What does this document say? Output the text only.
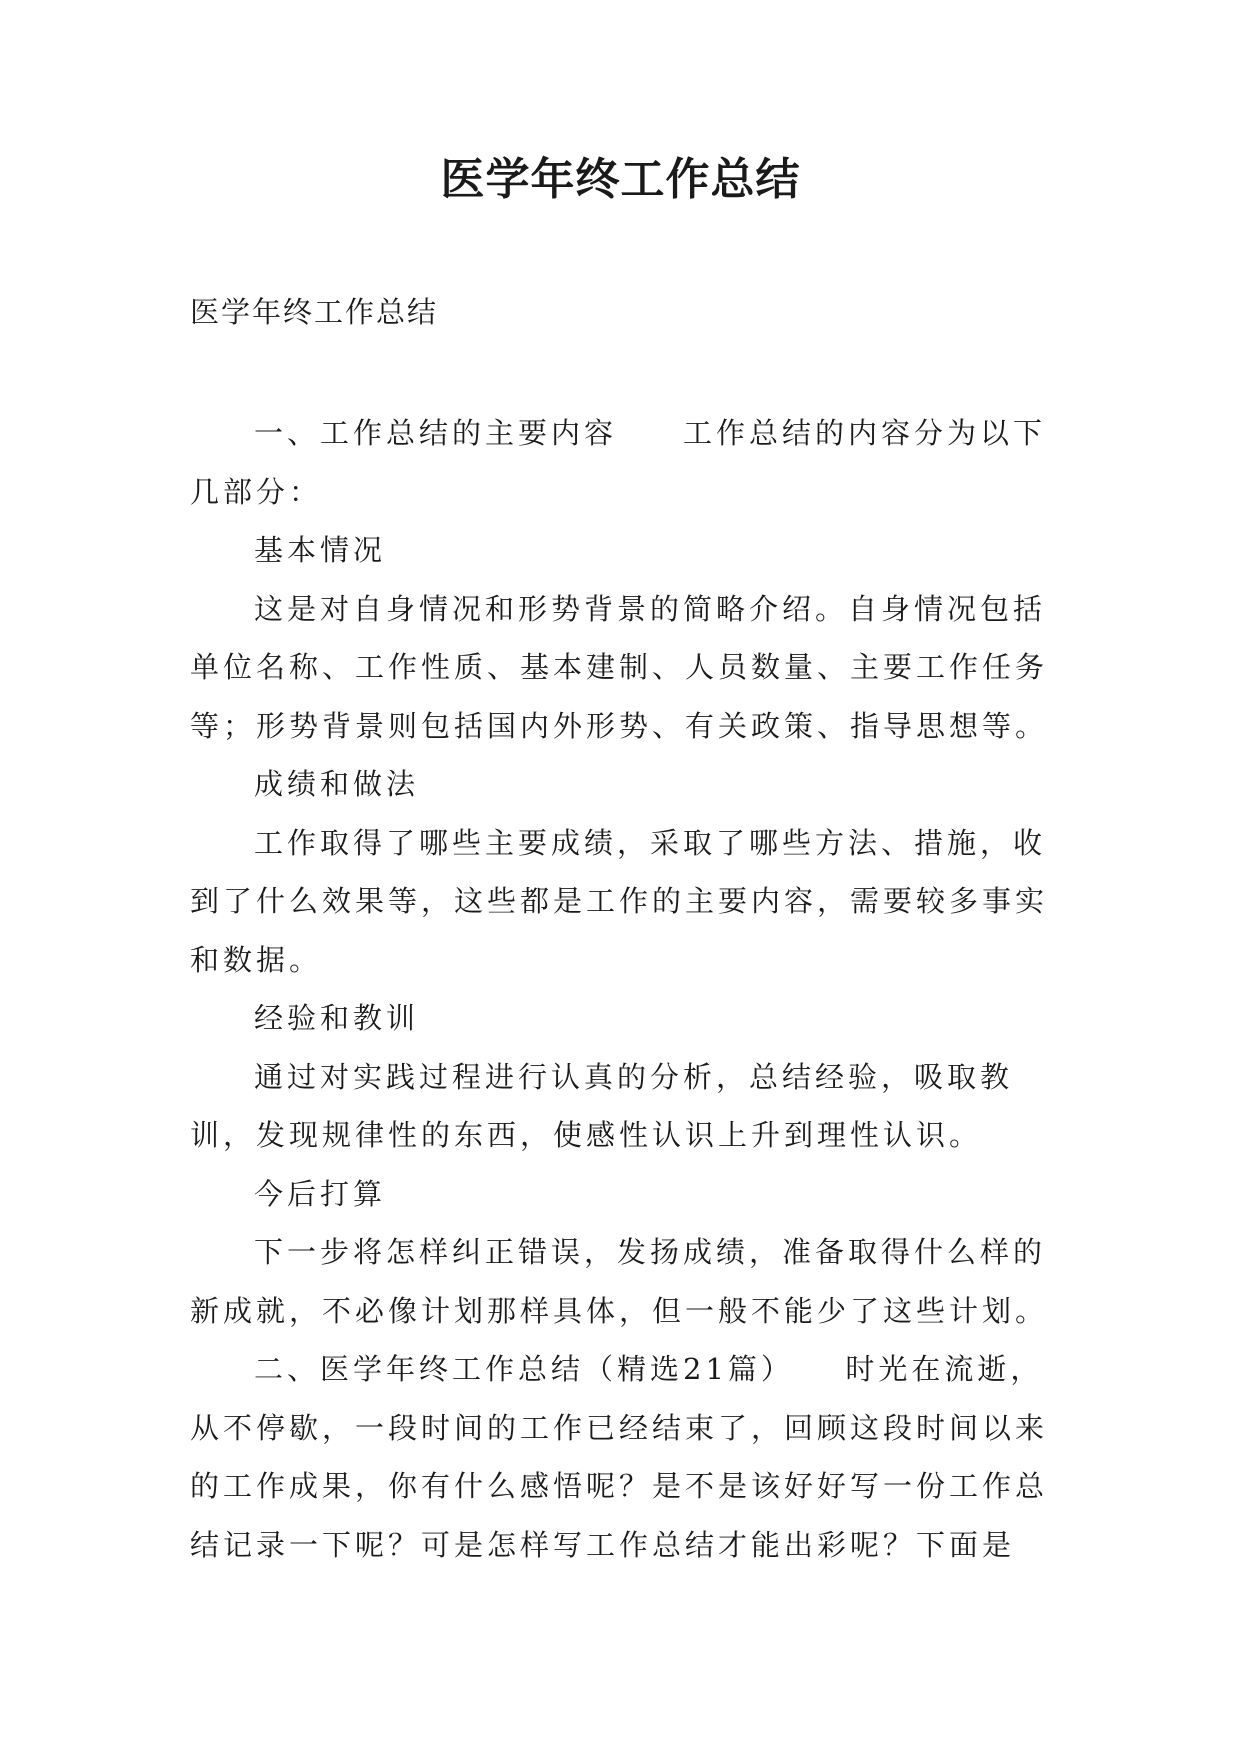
医学年终工作总结
医学年终工作总结

一、工作总结的主要内容　　工作总结的内容分为以下几部分：

基本情况

这是对自身情况和形势背景的简略介绍。自身情况包括单位名称、工作性质、基本建制、人员数量、主要工作任务等；形势背景则包括国内外形势、有关政策、指导思想等。

成绩和做法

工作取得了哪些主要成绩，采取了哪些方法、措施，收到了什么效果等，这些都是工作的主要内容，需要较多事实和数据。

经验和教训

通过对实践过程进行认真的分析，总结经验，吸取教训，发现规律性的东西，使感性认识上升到理性认识。

今后打算

下一步将怎样纠正错误，发扬成绩，准备取得什么样的新成就，不必像计划那样具体，但一般不能少了这些计划。

二、医学年终工作总结（精选21篇）　　时光在流逝，从不停歇，一段时间的工作已经结束了，回顾这段时间以来的工作成果，你有什么感悟呢？是不是该好好写一份工作总结记录一下呢？可是怎样写工作总结才能出彩呢？下面是
